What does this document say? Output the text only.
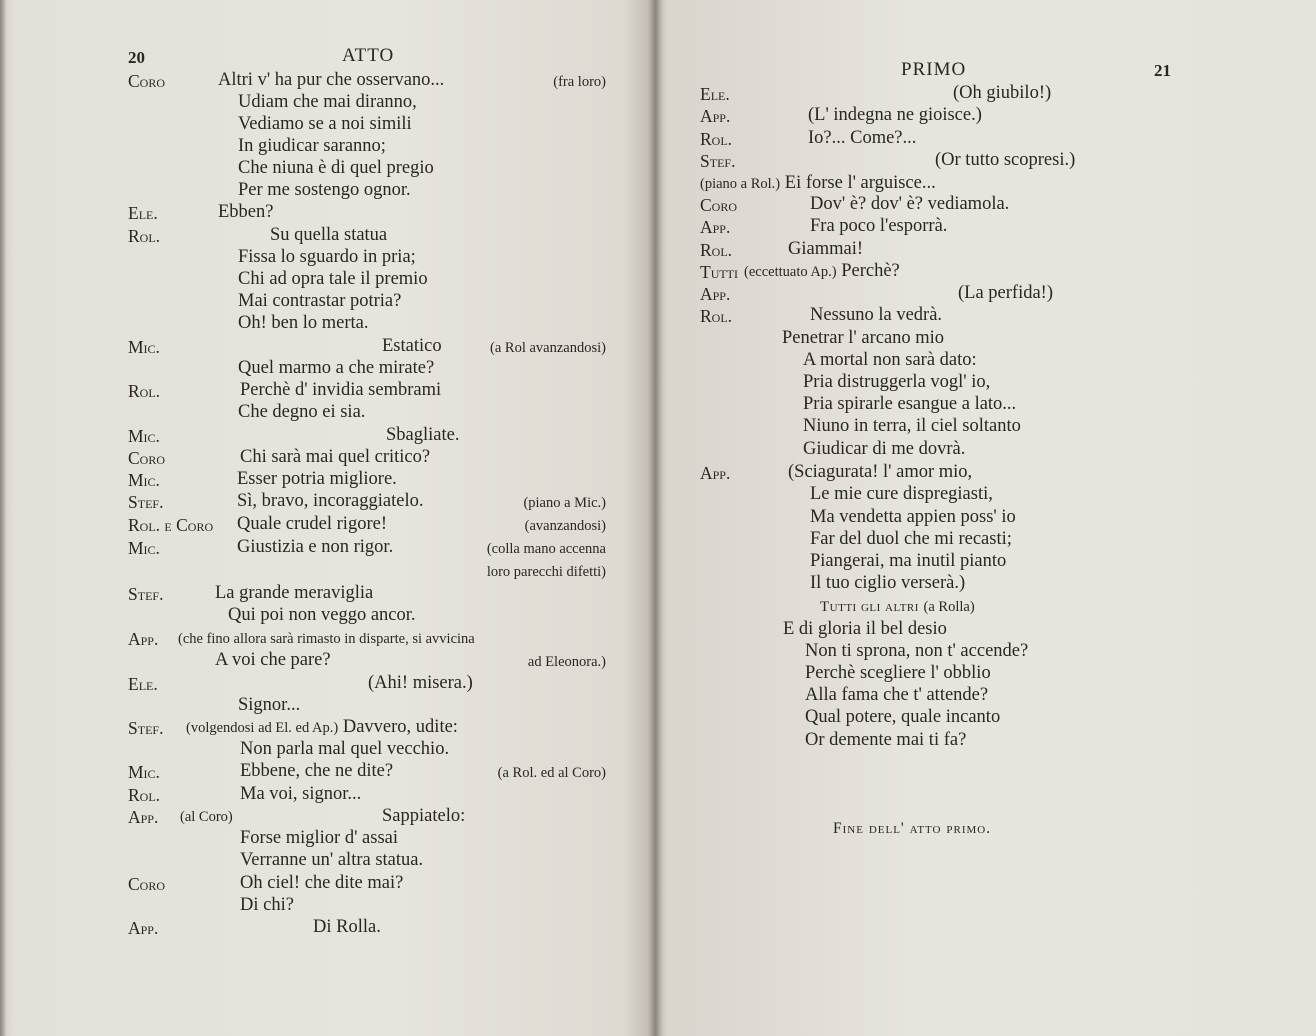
20	ATTO
Coro	Altri v' ha pur che osservano...	(fra loro)
Udiam che mai diranno,
Vediamo se a noi simili
In giudicar saranno;
Che niuna è di quel pregio
Per me sostengo ognor.
Ele.	Ebben?
Rol.	Su quella statua
Fissa lo sguardo in pria;
Chi ad opra tale il premio
Mai contrastar potria?
Oh! ben lo merta.
Mic.	Estatico	(a Rol avanzandosi)
Quel marmo a che mirate?
Rol.	Perchè d' invidia sembrami
Che degno ei sia.
Mic.	Sbagliate.
Coro	Chi sarà mai quel critico?
Mic.	Esser potria migliore.
Stef.	Sì, bravo, incoraggiatelo.	(piano a Mic.)
Rol. e Coro Quale crudel rigore!	(avanzandosi)
Mic.	Giustizia e non rigor.	(colla mano accenna
loro parecchi difetti)
Stef.	La grande meraviglia
Qui poi non veggo ancor.
App. (che fino allora sarà rimasto in disparte, si avvicina
A voi che pare?	ad Eleonora.)
Ele.	(Ahi! misera.)
Signor...
Stef. (volgendosi ad El. ed Ap.) Davvero, udite:
Non parla mal quel vecchio.
Mic.	Ebbene, che ne dite?	(a Rol. ed al Coro)
Rol.	Ma voi, signor...
App. (al Coro)	Sappiatelo:
Forse miglior d' assai
Verranne un' altra statua.
Coro	Oh ciel! che dite mai?
Di chi?
App.	Di Rolla.
21
PRIMO
Ele.	(Oh giubilo!)
App.	(L' indegna ne gioisce.)
Rol.	Io?... Come?...
Stef.	(Or tutto scopresi.)
(piano a Rol.) Ei forse l' arguisce...
Coro	Dov' è? dov' è? vediamola.
App.	Fra poco l'esporrà.
Rol.	Giammai!
Tutti (eccettuato Ap.) Perchè?
App.	(La perfida!)
Rol.	Nessuno la vedrà.
Penetrar l' arcano mio
A mortal non sarà dato:
Pria distruggerla vogl' io,
Pria spirarle esangue a lato...
Niuno in terra, il ciel soltanto
Giudicar di me dovrà.
App.	(Sciagurata! l' amor mio,
Le mie cure dispregiasti,
Ma vendetta appien poss' io
Far del duol che mi recasti;
Piangerai, ma inutil pianto
Il tuo ciglio verserà.)
Tutti gli altri (a Rolla)
E di gloria il bel desio
Non ti sprona, non t' accende?
Perchè scegliere l' obblio
Alla fama che t' attende?
Qual potere, quale incanto
Or demente mai ti fa?
Fine dell' atto primo.
